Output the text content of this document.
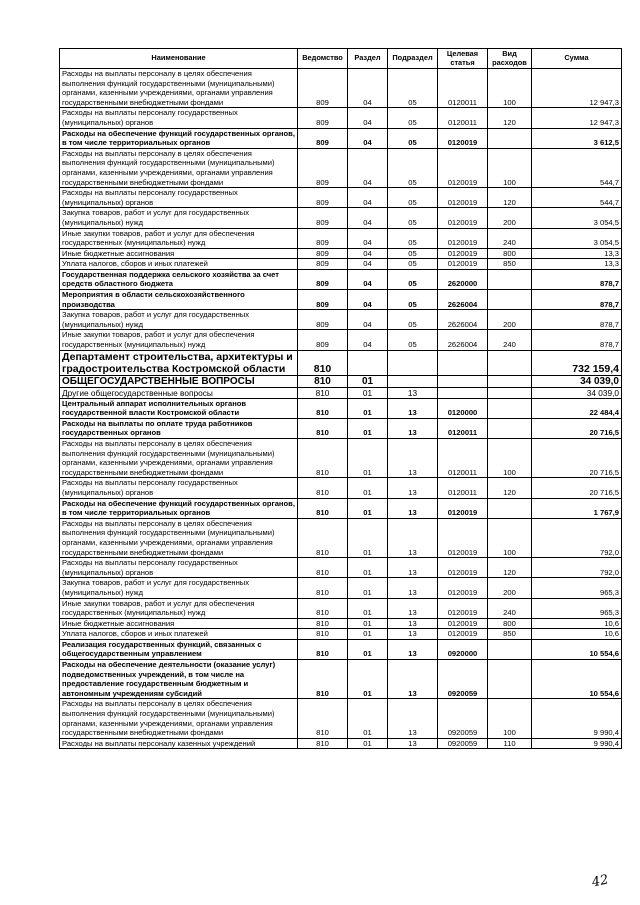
Наименование	Ведомство	Раздел	Подраздел	Целевая статья	Вид расходов	Сумма
Расходы на выплаты персоналу в целях обеспечения выполнения функций государственными (муниципальными) органами, казенными учреждениями, органами управления государственными внебюджетными фондами	809	04	05	0120011	100	12 947,3
Расходы на выплаты персоналу государственных (муниципальных) органов	809	04	05	0120011	120	12 947,3
Расходы на обеспечение функций государственных органов, в том числе территориальных органов	809	04	05	0120019		3 612,5
Расходы на выплаты персоналу в целях обеспечения выполнения функций государственными (муниципальными) органами, казенными учреждениями, органами управления государственными внебюджетными фондами	809	04	05	0120019	100	544,7
Расходы на выплаты персоналу государственных (муниципальных) органов	809	04	05	0120019	120	544,7
Закупка товаров, работ и услуг для государственных (муниципальных) нужд	809	04	05	0120019	200	3 054,5
Иные закупки товаров, работ и услуг для обеспечения государственных (муниципальных) нужд	809	04	05	0120019	240	3 054,5
Иные бюджетные ассигнования	809	04	05	0120019	800	13,3
Уплата налогов, сборов и иных платежей	809	04	05	0120019	850	13,3
Государственная поддержка сельского хозяйства за счет средств областного бюджета	809	04	05	2620000		878,7
Мероприятия в области сельскохозяйственного производства	809	04	05	2626004		878,7
Закупка товаров, работ и услуг для государственных (муниципальных) нужд	809	04	05	2626004	200	878,7
Иные закупки товаров, работ и услуг для обеспечения государственных (муниципальных) нужд	809	04	05	2626004	240	878,7
Департамент строительства, архитектуры и градостроительства Костромской области	810					732 159,4
ОБЩЕГОСУДАРСТВЕННЫЕ ВОПРОСЫ	810	01				34 039,0
Другие общегосударственные вопросы	810	01	13			34 039,0
Центральный аппарат исполнительных органов государственной власти Костромской области	810	01	13	0120000		22 484,4
Расходы на выплаты по оплате труда работников государственных органов	810	01	13	0120011		20 716,5
Расходы на выплаты персоналу в целях обеспечения выполнения функций государственными (муниципальными) органами, казенными учреждениями, органами управления государственными внебюджетными фондами	810	01	13	0120011	100	20 716,5
Расходы на выплаты персоналу государственных (муниципальных) органов	810	01	13	0120011	120	20 716,5
Расходы на обеспечение функций государственных органов, в том числе территориальных органов	810	01	13	0120019		1 767,9
Расходы на выплаты персоналу в целях обеспечения выполнения функций государственными (муниципальными) органами, казенными учреждениями, органами управления государственными внебюджетными фондами	810	01	13	0120019	100	792,0
Расходы на выплаты персоналу государственных (муниципальных) органов	810	01	13	0120019	120	792,0
Закупка товаров, работ и услуг для государственных (муниципальных) нужд	810	01	13	0120019	200	965,3
Иные закупки товаров, работ и услуг для обеспечения государственных (муниципальных) нужд	810	01	13	0120019	240	965,3
Иные бюджетные ассигнования	810	01	13	0120019	800	10,6
Уплата налогов, сборов и иных платежей	810	01	13	0120019	850	10,6
Реализация государственных функций, связанных с общегосударственным управлением	810	01	13	0920000		10 554,6
Расходы на обеспечение деятельности (оказание услуг) подведомственных учреждений, в том числе на предоставление государственным бюджетным и автономным учреждениям субсидий	810	01	13	0920059		10 554,6
Расходы на выплаты персоналу в целях обеспечения выполнения функций государственными (муниципальными) органами, казенными учреждениями, органами управления государственными внебюджетными фондами	810	01	13	0920059	100	9 990,4
Расходы на выплаты персоналу казенных учреждений	810	01	13	0920059	110	9 990,4
42
